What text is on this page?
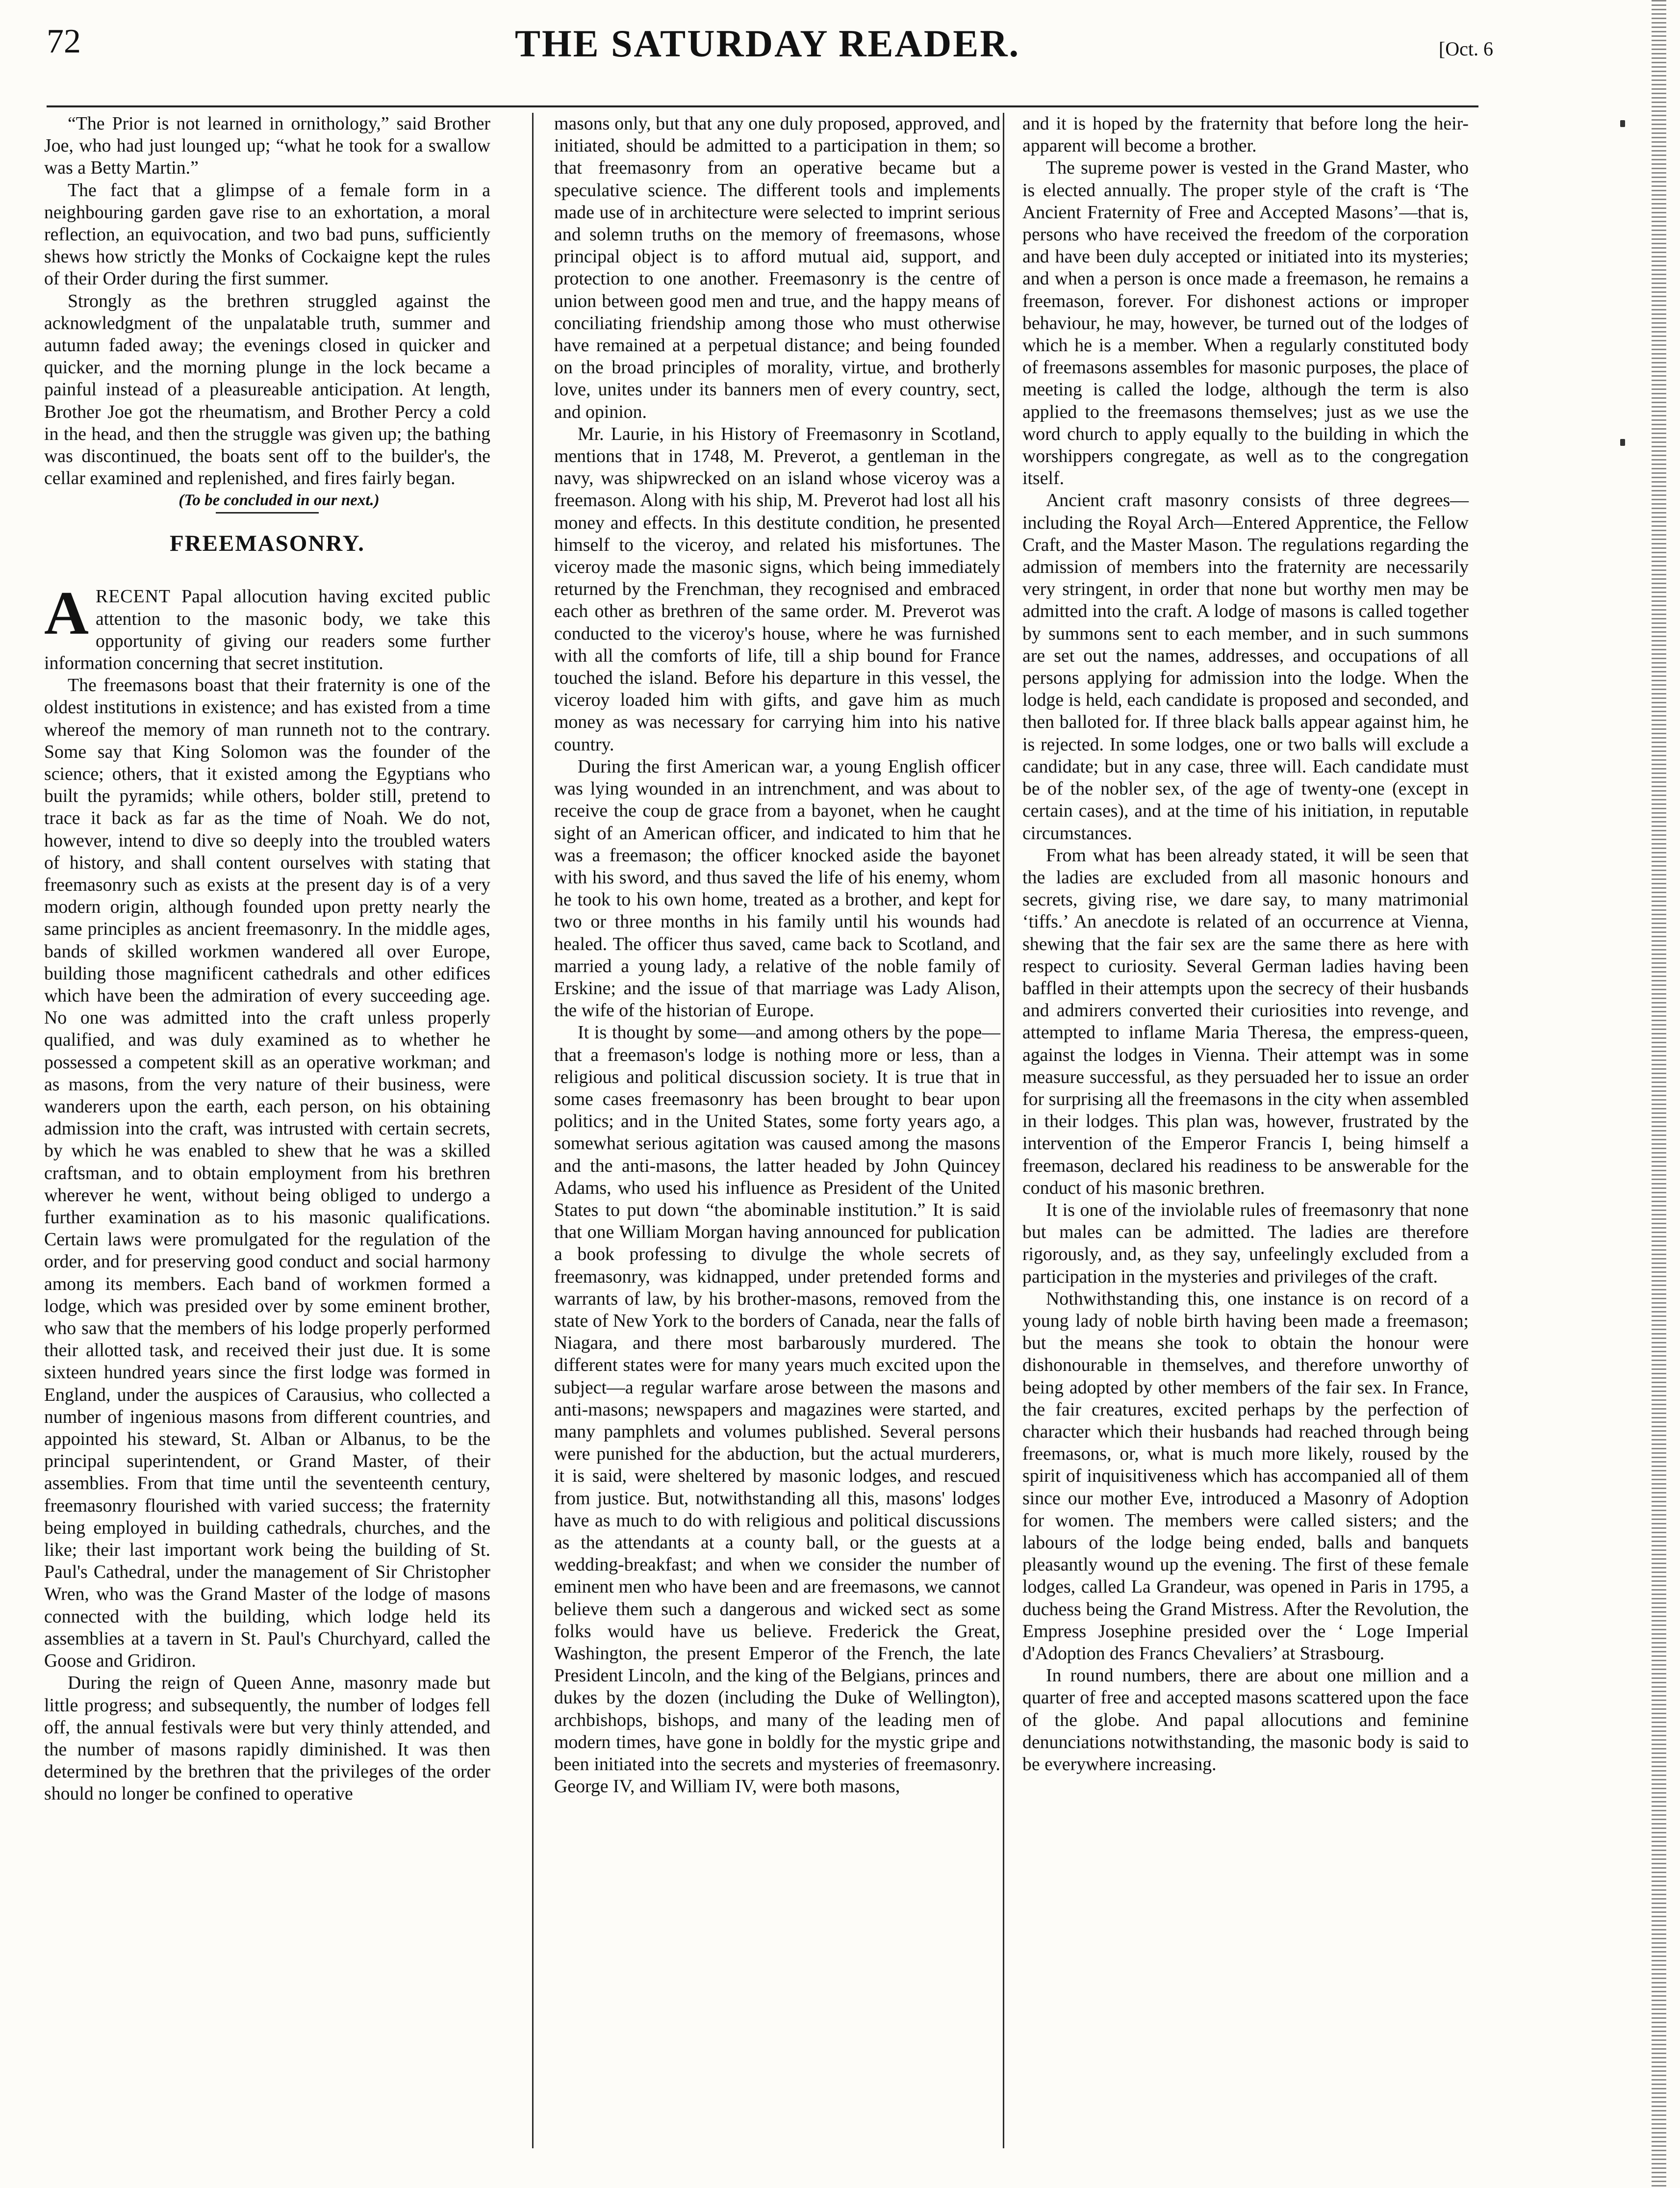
72	THE SATURDAY READER.	[Oct. 6

“The Prior is not learned in ornithology,” said Brother Joe, who had just lounged up; “what he took for a swallow was a Betty Martin.”

The fact that a glimpse of a female form in a neighbouring garden gave rise to an exhortation, a moral reflection, an equivocation, and two bad puns, sufficiently shews how strictly the Monks of Cockaigne kept the rules of their Order during the first summer.

Strongly as the brethren struggled against the acknowledgment of the unpalatable truth, summer and autumn faded away; the evenings closed in quicker and quicker, and the morning plunge in the lock became a painful instead of a pleasureable anticipation. At length, Brother Joe got the rheumatism, and Brother Percy a cold in the head, and then the struggle was given up; the bathing was discontinued, the boats sent off to the builder's, the cellar examined and replenished, and fires fairly began.

(To be concluded in our next.)

FREEMASONRY.

ARECENT Papal allocution having excited public attention to the masonic body, we take this opportunity of giving our readers some further information concerning that secret institution.

The freemasons boast that their fraternity is one of the oldest institutions in existence; and has existed from a time whereof the memory of man runneth not to the contrary. Some say that King Solomon was the founder of the science; others, that it existed among the Egyptians who built the pyramids; while others, bolder still, pretend to trace it back as far as the time of Noah. We do not, however, intend to dive so deeply into the troubled waters of history, and shall content ourselves with stating that freemasonry such as exists at the present day is of a very modern origin, although founded upon pretty nearly the same principles as ancient freemasonry. In the middle ages, bands of skilled workmen wandered all over Europe, building those magnificent cathedrals and other edifices which have been the admiration of every succeeding age. No one was admitted into the craft unless properly qualified, and was duly examined as to whether he possessed a competent skill as an operative workman; and as masons, from the very nature of their business, were wanderers upon the earth, each person, on his obtaining admission into the craft, was intrusted with certain secrets, by which he was enabled to shew that he was a skilled craftsman, and to obtain employment from his brethren wherever he went, without being obliged to undergo a further examination as to his masonic qualifications. Certain laws were promulgated for the regulation of the order, and for preserving good conduct and social harmony among its members. Each band of workmen formed a lodge, which was presided over by some eminent brother, who saw that the members of his lodge properly performed their allotted task, and received their just due. It is some sixteen hundred years since the first lodge was formed in England, under the auspices of Carausius, who collected a number of ingenious masons from different countries, and appointed his steward, St. Alban or Albanus, to be the principal superintendent, or Grand Master, of their assemblies. From that time until the seventeenth century, freemasonry flourished with varied success; the fraternity being employed in building cathedrals, churches, and the like; their last important work being the building of St. Paul's Cathedral, under the management of Sir Christopher Wren, who was the Grand Master of the lodge of masons connected with the building, which lodge held its assemblies at a tavern in St. Paul's Churchyard, called the Goose and Gridiron.

During the reign of Queen Anne, masonry made but little progress; and subsequently, the number of lodges fell off, the annual festivals were but very thinly attended, and the number of masons rapidly diminished. It was then determined by the brethren that the privileges of the order should no longer be confined to operative

masons only, but that any one duly proposed, approved, and initiated, should be admitted to a participation in them; so that freemasonry from an operative became but a speculative science. The different tools and implements made use of in architecture were selected to imprint serious and solemn truths on the memory of freemasons, whose principal object is to afford mutual aid, support, and protection to one another. Freemasonry is the centre of union between good men and true, and the happy means of conciliating friendship among those who must otherwise have remained at a perpetual distance; and being founded on the broad principles of morality, virtue, and brotherly love, unites under its banners men of every country, sect, and opinion.

Mr. Laurie, in his History of Freemasonry in Scotland, mentions that in 1748, M. Preverot, a gentleman in the navy, was shipwrecked on an island whose viceroy was a freemason. Along with his ship, M. Preverot had lost all his money and effects. In this destitute condition, he presented himself to the viceroy, and related his misfortunes. The viceroy made the masonic signs, which being immediately returned by the Frenchman, they recognised and embraced each other as brethren of the same order. M. Preverot was conducted to the viceroy's house, where he was furnished with all the comforts of life, till a ship bound for France touched the island. Before his departure in this vessel, the viceroy loaded him with gifts, and gave him as much money as was necessary for carrying him into his native country.

During the first American war, a young English officer was lying wounded in an intrenchment, and was about to receive the coup de grace from a bayonet, when he caught sight of an American officer, and indicated to him that he was a freemason; the officer knocked aside the bayonet with his sword, and thus saved the life of his enemy, whom he took to his own home, treated as a brother, and kept for two or three months in his family until his wounds had healed. The officer thus saved, came back to Scotland, and married a young lady, a relative of the noble family of Erskine; and the issue of that marriage was Lady Alison, the wife of the historian of Europe.

It is thought by some—and among others by the pope—that a freemason's lodge is nothing more or less, than a religious and political discussion society. It is true that in some cases freemasonry has been brought to bear upon politics; and in the United States, some forty years ago, a somewhat serious agitation was caused among the masons and the anti-masons, the latter headed by John Quincey Adams, who used his influence as President of the United States to put down “the abominable institution.” It is said that one William Morgan having announced for publication a book professing to divulge the whole secrets of freemasonry, was kidnapped, under pretended forms and warrants of law, by his brother-masons, removed from the state of New York to the borders of Canada, near the falls of Niagara, and there most barbarously murdered. The different states were for many years much excited upon the subject—a regular warfare arose between the masons and anti-masons; newspapers and magazines were started, and many pamphlets and volumes published. Several persons were punished for the abduction, but the actual murderers, it is said, were sheltered by masonic lodges, and rescued from justice. But, notwithstanding all this, masons' lodges have as much to do with religious and political discussions as the attendants at a county ball, or the guests at a wedding-breakfast; and when we consider the number of eminent men who have been and are freemasons, we cannot believe them such a dangerous and wicked sect as some folks would have us believe. Frederick the Great, Washington, the present Emperor of the French, the late President Lincoln, and the king of the Belgians, princes and dukes by the dozen (including the Duke of Wellington), archbishops, bishops, and many of the leading men of modern times, have gone in boldly for the mystic gripe and been initiated into the secrets and mysteries of freemasonry. George IV, and William IV, were both masons,

and it is hoped by the fraternity that before long the heir-apparent will become a brother.

The supreme power is vested in the Grand Master, who is elected annually. The proper style of the craft is ‘The Ancient Fraternity of Free and Accepted Masons’—that is, persons who have received the freedom of the corporation and have been duly accepted or initiated into its mysteries; and when a person is once made a freemason, he remains a freemason, forever. For dishonest actions or improper behaviour, he may, however, be turned out of the lodges of which he is a member. When a regularly constituted body of freemasons assembles for masonic purposes, the place of meeting is called the lodge, although the term is also applied to the freemasons themselves; just as we use the word church to apply equally to the building in which the worshippers congregate, as well as to the congregation itself.

Ancient craft masonry consists of three degrees—including the Royal Arch—Entered Apprentice, the Fellow Craft, and the Master Mason. The regulations regarding the admission of members into the fraternity are necessarily very stringent, in order that none but worthy men may be admitted into the craft. A lodge of masons is called together by summons sent to each member, and in such summons are set out the names, addresses, and occupations of all persons applying for admission into the lodge. When the lodge is held, each candidate is proposed and seconded, and then balloted for. If three black balls appear against him, he is rejected. In some lodges, one or two balls will exclude a candidate; but in any case, three will. Each candidate must be of the nobler sex, of the age of twenty-one (except in certain cases), and at the time of his initiation, in reputable circumstances.

From what has been already stated, it will be seen that the ladies are excluded from all masonic honours and secrets, giving rise, we dare say, to many matrimonial ‘tiffs.’ An anecdote is related of an occurrence at Vienna, shewing that the fair sex are the same there as here with respect to curiosity. Several German ladies having been baffled in their attempts upon the secrecy of their husbands and admirers converted their curiosities into revenge, and attempted to inflame Maria Theresa, the empress-queen, against the lodges in Vienna. Their attempt was in some measure successful, as they persuaded her to issue an order for surprising all the freemasons in the city when assembled in their lodges. This plan was, however, frustrated by the intervention of the Emperor Francis I, being himself a freemason, declared his readiness to be answerable for the conduct of his masonic brethren.

It is one of the inviolable rules of freemasonry that none but males can be admitted. The ladies are therefore rigorously, and, as they say, unfeelingly excluded from a participation in the mysteries and privileges of the craft.

Nothwithstanding this, one instance is on record of a young lady of noble birth having been made a freemason; but the means she took to obtain the honour were dishonourable in themselves, and therefore unworthy of being adopted by other members of the fair sex. In France, the fair creatures, excited perhaps by the perfection of character which their husbands had reached through being freemasons, or, what is much more likely, roused by the spirit of inquisitiveness which has accompanied all of them since our mother Eve, introduced a Masonry of Adoption for women. The members were called sisters; and the labours of the lodge being ended, balls and banquets pleasantly wound up the evening. The first of these female lodges, called La Grandeur, was opened in Paris in 1795, a duchess being the Grand Mistress. After the Revolution, the Empress Josephine presided over the ‘ Loge Imperial d'Adoption des Francs Chevaliers’ at Strasbourg.

In round numbers, there are about one million and a quarter of free and accepted masons scattered upon the face of the globe. And papal allocutions and feminine denunciations notwithstanding, the masonic body is said to be everywhere increasing.
